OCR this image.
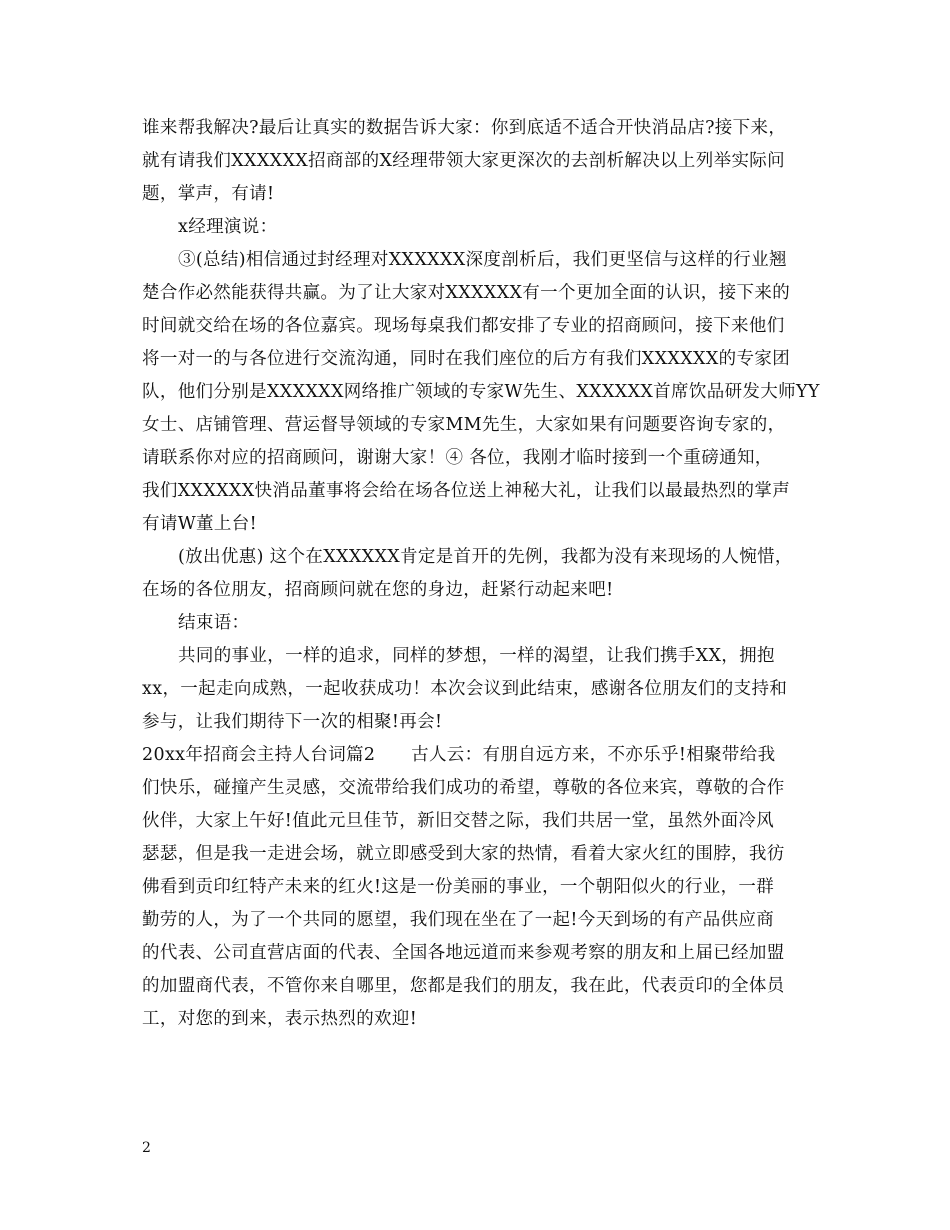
谁来帮我解决?最后让真实的数据告诉大家：你到底适不适合开快消品店?接下来，
就有请我们XXXXXX招商部的X经理带领大家更深次的去剖析解决以上列举实际问
题，掌声，有请!
x经理演说：
③(总结)相信通过封经理对XXXXXX深度剖析后，我们更坚信与这样的行业翘
楚合作必然能获得共赢。为了让大家对XXXXXX有一个更加全面的认识，接下来的
时间就交给在场的各位嘉宾。现场每桌我们都安排了专业的招商顾问，接下来他们
将一对一的与各位进行交流沟通，同时在我们座位的后方有我们XXXXXX的专家团
队，他们分别是XXXXXX网络推广领域的专家W先生、XXXXXX首席饮品研发大师YY
女士、店铺管理、营运督导领域的专家MM先生，大家如果有问题要咨询专家的，
请联系你对应的招商顾问，谢谢大家！④ 各位，我刚才临时接到一个重磅通知，
我们XXXXXX快消品董事将会给在场各位送上神秘大礼，让我们以最最热烈的掌声
有请W董上台!
(放出优惠) 这个在XXXXXX肯定是首开的先例，我都为没有来现场的人惋惜，
在场的各位朋友，招商顾问就在您的身边，赶紧行动起来吧!
结束语：
共同的事业，一样的追求，同样的梦想，一样的渴望，让我们携手XX，拥抱
xx，一起走向成熟，一起收获成功！本次会议到此结束，感谢各位朋友们的支持和
参与，让我们期待下一次的相聚!再会!
20xx年招商会主持人台词篇2　　古人云：有朋自远方来，不亦乐乎!相聚带给我
们快乐，碰撞产生灵感，交流带给我们成功的希望，尊敬的各位来宾，尊敬的合作
伙伴，大家上午好!值此元旦佳节，新旧交替之际，我们共居一堂，虽然外面冷风
瑟瑟，但是我一走进会场，就立即感受到大家的热情，看着大家火红的围脖，我彷
佛看到贡印红特产未来的红火!这是一份美丽的事业，一个朝阳似火的行业，一群
勤劳的人，为了一个共同的愿望，我们现在坐在了一起!今天到场的有产品供应商
的代表、公司直营店面的代表、全国各地远道而来参观考察的朋友和上届已经加盟
的加盟商代表，不管你来自哪里，您都是我们的朋友，我在此，代表贡印的全体员
工，对您的到来，表示热烈的欢迎!
2
